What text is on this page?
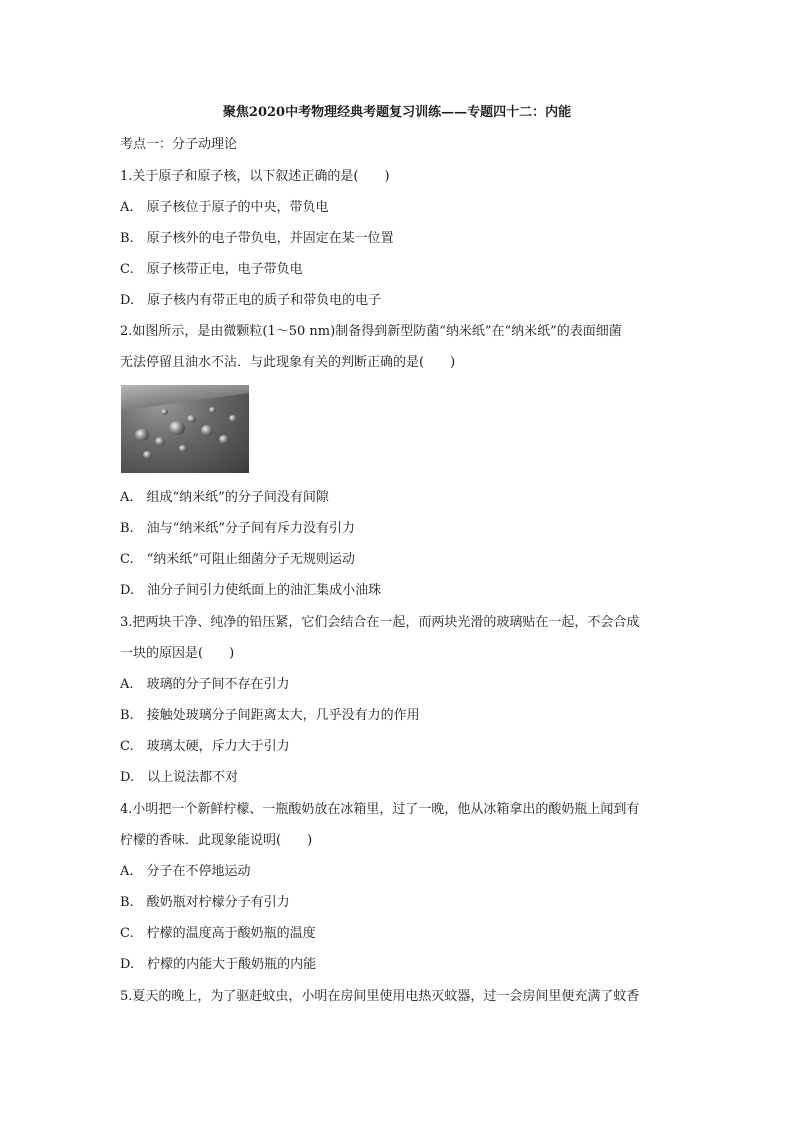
聚焦2020中考物理经典考题复习训练——专题四十二：内能
考点一：分子动理论
1.关于原子和原子核，以下叙述正确的是(　　)
A.　原子核位于原子的中央，带负电
B.　原子核外的电子带负电，并固定在某一位置
C.　原子核带正电，电子带负电
D.　原子核内有带正电的质子和带负电的电子
2.如图所示，是由微颗粒(1～50 nm)制备得到新型防菌“纳米纸”在“纳米纸”的表面细菌
无法停留且油水不沾．与此现象有关的判断正确的是(　　)
A.　组成“纳米纸”的分子间没有间隙
B.　油与“纳米纸”分子间有斥力没有引力
C.　“纳米纸”可阻止细菌分子无规则运动
D.　油分子间引力使纸面上的油汇集成小油珠
3.把两块干净、纯净的铅压紧，它们会结合在一起，而两块光滑的玻璃贴在一起，不会合成
一块的原因是(　　)
A.　玻璃的分子间不存在引力
B.　接触处玻璃分子间距离太大，几乎没有力的作用
C.　玻璃太硬，斥力大于引力
D.　以上说法都不对
4.小明把一个新鲜柠檬、一瓶酸奶放在冰箱里，过了一晚，他从冰箱拿出的酸奶瓶上闻到有
柠檬的香味．此现象能说明(　　)
A.　分子在不停地运动
B.　酸奶瓶对柠檬分子有引力
C.　柠檬的温度高于酸奶瓶的温度
D.　柠檬的内能大于酸奶瓶的内能
5.夏天的晚上，为了驱赶蚊虫，小明在房间里使用电热灭蚊器，过一会房间里便充满了蚊香
